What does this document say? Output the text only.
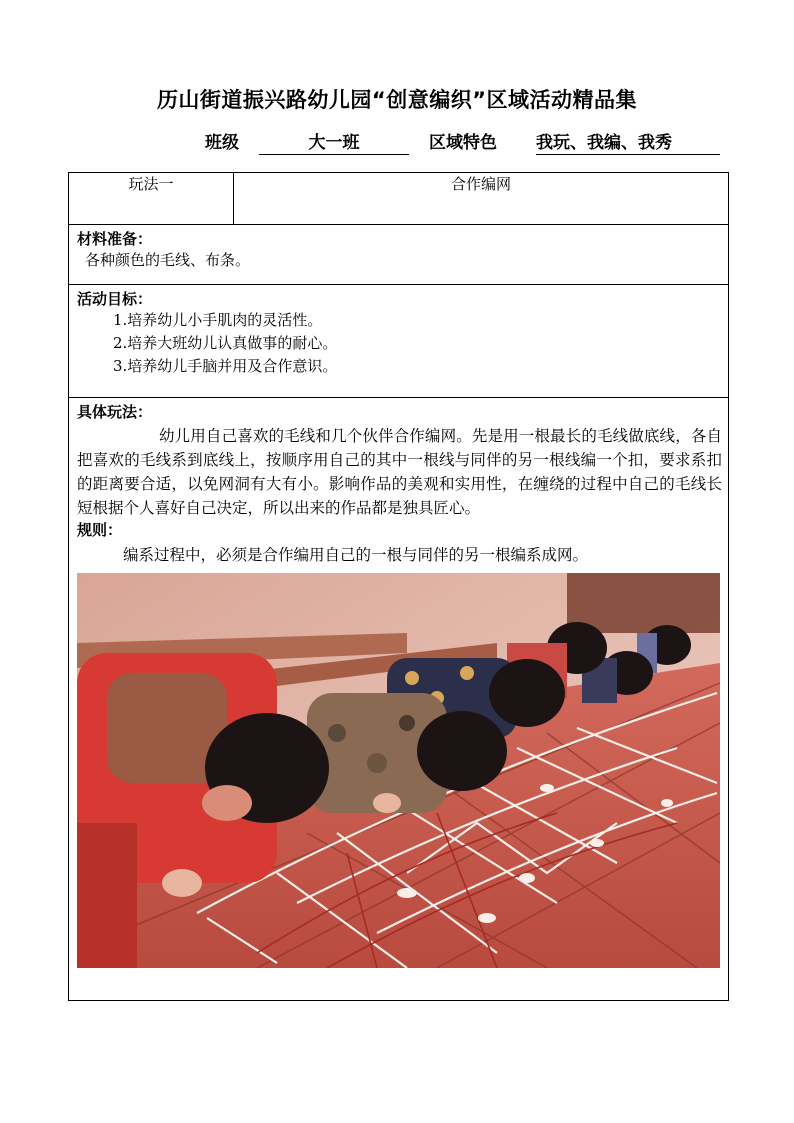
历山街道振兴路幼儿园“创意编织”区域活动精品集
班级	大一班	区域特色 我玩、我编、我秀
玩法一	合作编网

材料准备：
各种颜色的毛线、布条。

活动目标：
1.培养幼儿小手肌肉的灵活性。
2.培养大班幼儿认真做事的耐心。
3.培养幼儿手脑并用及合作意识。

具体玩法：
幼儿用自己喜欢的毛线和几个伙伴合作编网。先是用一根最长的毛线做底线，各自把喜欢的毛线系到底线上，按顺序用自己的其中一根线与同伴的另一根线编一个扣，要求系扣的距离要合适，以免网洞有大有小。影响作品的美观和实用性，在缠绕的过程中自己的毛线长短根据个人喜好自己决定，所以出来的作品都是独具匠心。
规则：
编系过程中，必须是合作编用自己的一根与同伴的另一根编系成网。
